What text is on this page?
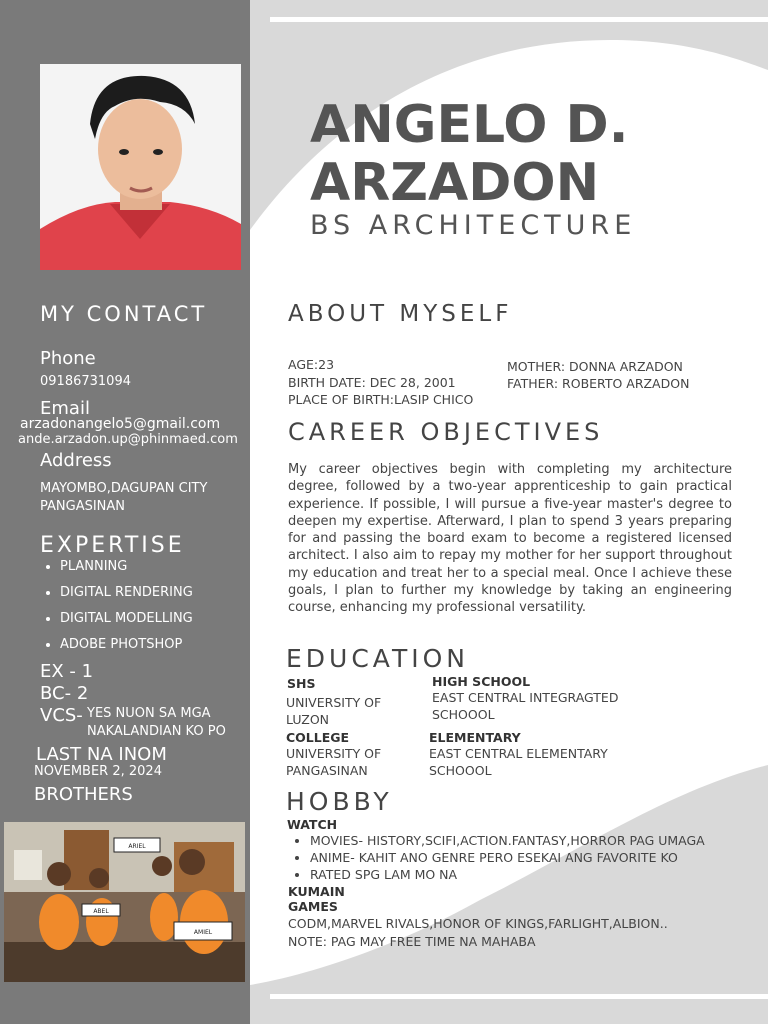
MY CONTACT
Phone
09186731094
Email
arzadonangelo5@gmail.com
ande.arzadon.up@phinmaed.com
Address
MAYOMBO,DAGUPAN CITY
PANGASINAN
EXPERTISE
• PLANNING
• DIGITAL RENDERING
• DIGITAL MODELLING
• ADOBE PHOTSHOP
EX - 1
BC- 2
VCS- YES NUON SA MGA
NAKALANDIAN KO PO
LAST NA INOM
NOVEMBER 2, 2024
BROTHERS
ARIEL
ABEL
AMIEL
ANGELO D.
ARZADON
BS ARCHITECTURE
ABOUT MYSELF
AGE:23
BIRTH DATE: DEC 28, 2001
PLACE OF BIRTH:LASIP CHICO
MOTHER: DONNA ARZADON
FATHER: ROBERTO ARZADON
CAREER OBJECTIVES
My career objectives begin with completing my architecture degree, followed by a two-year apprenticeship to gain practical experience. If possible, I will pursue a five-year master's degree to deepen my expertise. Afterward, I plan to spend 3 years preparing for and passing the board exam to become a registered licensed architect. I also aim to repay my mother for her support throughout my education and treat her to a special meal. Once I achieve these goals, I plan to further my knowledge by taking an engineering course, enhancing my professional versatility.
EDUCATION
SHS
UNIVERSITY OF
LUZON
HIGH SCHOOL
EAST CENTRAL INTEGRAGTED
SCHOOOL
COLLEGE
UNIVERSITY OF
PANGASINAN
ELEMENTARY
EAST CENTRAL ELEMENTARY
SCHOOOL
HOBBY
WATCH
• MOVIES- HISTORY,SCIFI,ACTION.FANTASY,HORROR PAG UMAGA
• ANIME- KAHIT ANO GENRE PERO ESEKAI ANG FAVORITE KO
• RATED SPG LAM MO NA
KUMAIN
GAMES
CODM,MARVEL RIVALS,HONOR OF KINGS,FARLIGHT,ALBION..
NOTE: PAG MAY FREE TIME NA MAHABA
